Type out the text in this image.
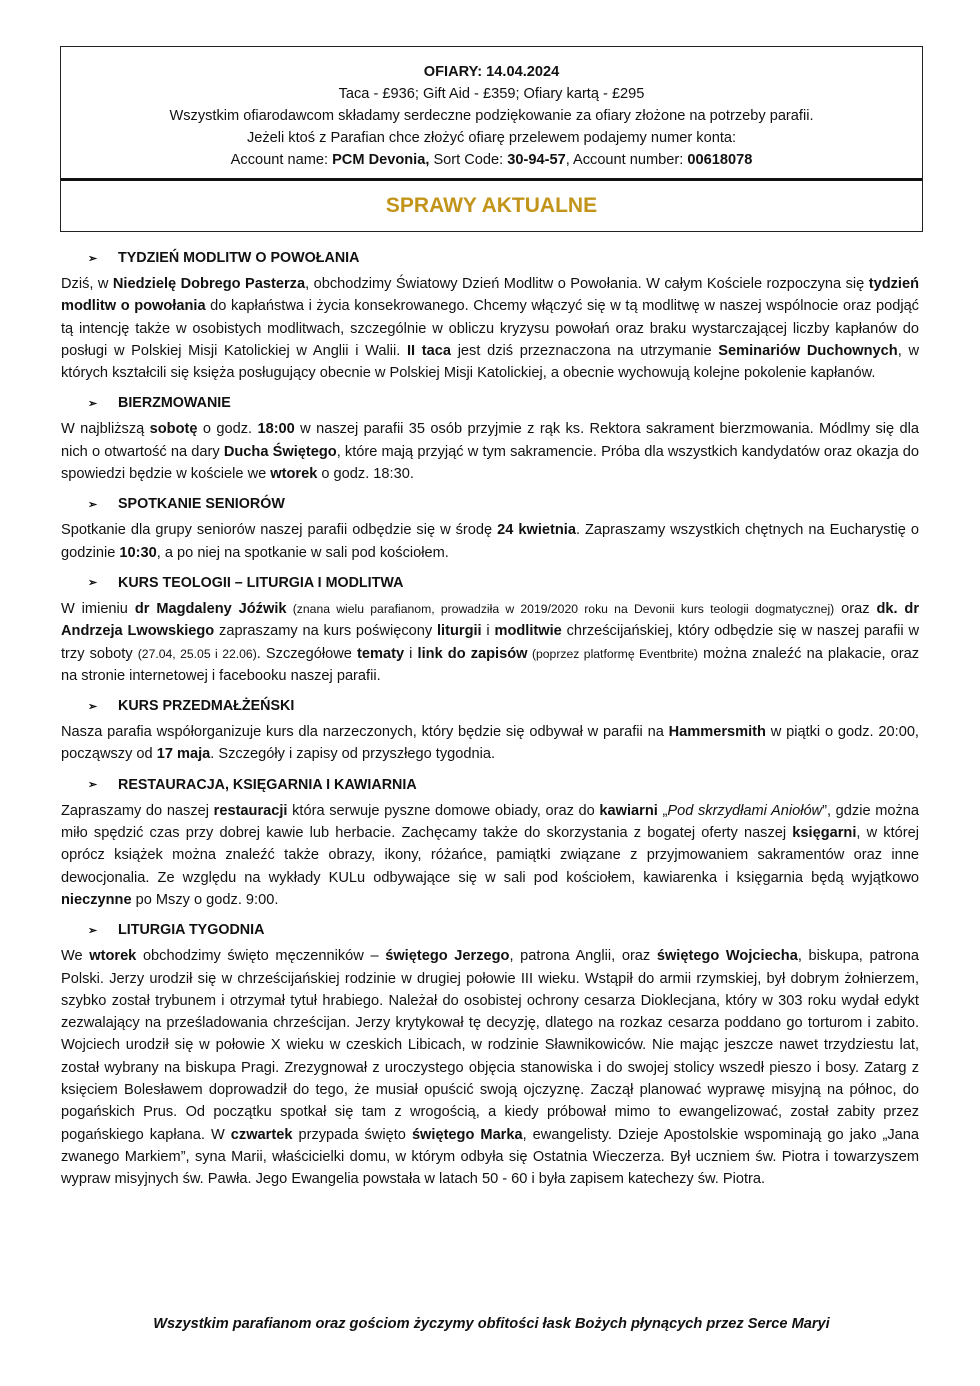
OFIARY: 14.04.2024
Taca - £936; Gift Aid - £359; Ofiary kartą - £295
Wszystkim ofiarodawcom składamy serdeczne podziękowanie za ofiary złożone na potrzeby parafii.
Jeżeli ktoś z Parafian chce złożyć ofiarę przelewem podajemy numer konta:
Account name: PCM Devonia, Sort Code: 30-94-57, Account number: 00618078
SPRAWY AKTUALNE
➢	TYDZIEŃ MODLITW O POWOŁANIA
Dziś, w Niedzielę Dobrego Pasterza, obchodzimy Światowy Dzień Modlitw o Powołania. W całym Kościele rozpoczyna się tydzień modlitw o powołania do kapłaństwa i życia konsekrowanego. Chcemy włączyć się w tą modlitwę w naszej wspólnocie oraz podjąć tą intencję także w osobistych modlitwach, szczególnie w obliczu kryzysu powołań oraz braku wystarczającej liczby kapłanów do posługi w Polskiej Misji Katolickiej w Anglii i Walii. II taca jest dziś przeznaczona na utrzymanie Seminariów Duchownych, w których kształcili się księża posługujący obecnie w Polskiej Misji Katolickiej, a obecnie wychowują kolejne pokolenie kapłanów.
➢	BIERZMOWANIE
W najbliższą sobotę o godz. 18:00 w naszej parafii 35 osób przyjmie z rąk ks. Rektora sakrament bierzmowania. Módlmy się dla nich o otwartość na dary Ducha Świętego, które mają przyjąć w tym sakramencie. Próba dla wszystkich kandydatów oraz okazja do spowiedzi będzie w kościele we wtorek o godz. 18:30.
➢	SPOTKANIE SENIORÓW
Spotkanie dla grupy seniorów naszej parafii odbędzie się w środę 24 kwietnia. Zapraszamy wszystkich chętnych na Eucharystię o godzinie 10:30, a po niej na spotkanie w sali pod kościołem.
➢	KURS TEOLOGII – LITURGIA I MODLITWA
W imieniu dr Magdaleny Jóźwik (znana wielu parafianom, prowadziła w 2019/2020 roku na Devonii kurs teologii dogmatycznej) oraz dk. dr Andrzeja Lwowskiego zapraszamy na kurs poświęcony liturgii i modlitwie chrześcijańskiej, który odbędzie się w naszej parafii w trzy soboty (27.04, 25.05 i 22.06). Szczegółowe tematy i link do zapisów (poprzez platformę Eventbrite) można znaleźć na plakacie, oraz na stronie internetowej i facebooku naszej parafii.
➢	KURS PRZEDMAŁŻEŃSKI
Nasza parafia współorganizuje kurs dla narzeczonych, który będzie się odbywał w parafii na Hammersmith w piątki o godz. 20:00, począwszy od 17 maja. Szczegóły i zapisy od przyszłego tygodnia.
➢	RESTAURACJA, KSIĘGARNIA I KAWIARNIA
Zapraszamy do naszej restauracji która serwuje pyszne domowe obiady, oraz do kawiarni „Pod skrzydłami Aniołów”, gdzie można miło spędzić czas przy dobrej kawie lub herbacie. Zachęcamy także do skorzystania z bogatej oferty naszej księgarni, w której oprócz książek można znaleźć także obrazy, ikony, różańce, pamiątki związane z przyjmowaniem sakramentów oraz inne dewocjonalia. Ze względu na wykłady KULu odbywające się w sali pod kościołem, kawiarenka i księgarnia będą wyjątkowo nieczynne po Mszy o godz. 9:00.
➢	LITURGIA TYGODNIA
We wtorek obchodzimy święto męczenników – świętego Jerzego, patrona Anglii, oraz świętego Wojciecha, biskupa, patrona Polski. Jerzy urodził się w chrześcijańskiej rodzinie w drugiej połowie III wieku. Wstąpił do armii rzymskiej, był dobrym żołnierzem, szybko został trybunem i otrzymał tytuł hrabiego. Należał do osobistej ochrony cesarza Dioklecjana, który w 303 roku wydał edykt zezwalający na prześladowania chrześcijan. Jerzy krytykował tę decyzję, dlatego na rozkaz cesarza poddano go torturom i zabito. Wojciech urodził się w połowie X wieku w czeskich Libicach, w rodzinie Sławnikowiców. Nie mając jeszcze nawet trzydziestu lat, został wybrany na biskupa Pragi. Zrezygnował z uroczystego objęcia stanowiska i do swojej stolicy wszedł pieszo i bosy. Zatarg z księciem Bolesławem doprowadził do tego, że musiał opuścić swoją ojczyznę. Zaczął planować wyprawę misyjną na północ, do pogańskich Prus. Od początku spotkał się tam z wrogością, a kiedy próbował mimo to ewangelizować, został zabity przez pogańskiego kapłana. W czwartek przypada święto świętego Marka, ewangelisty. Dzieje Apostolskie wspominają go jako „Jana zwanego Markiem”, syna Marii, właścicielki domu, w którym odbyła się Ostatnia Wieczerza. Był uczniem św. Piotra i towarzyszem wypraw misyjnych św. Pawła. Jego Ewangelia powstała w latach 50 - 60 i była zapisem katechezy św. Piotra.
Wszystkim parafianom oraz gościom życzymy obfitości łask Bożych płynących przez Serce Maryi
